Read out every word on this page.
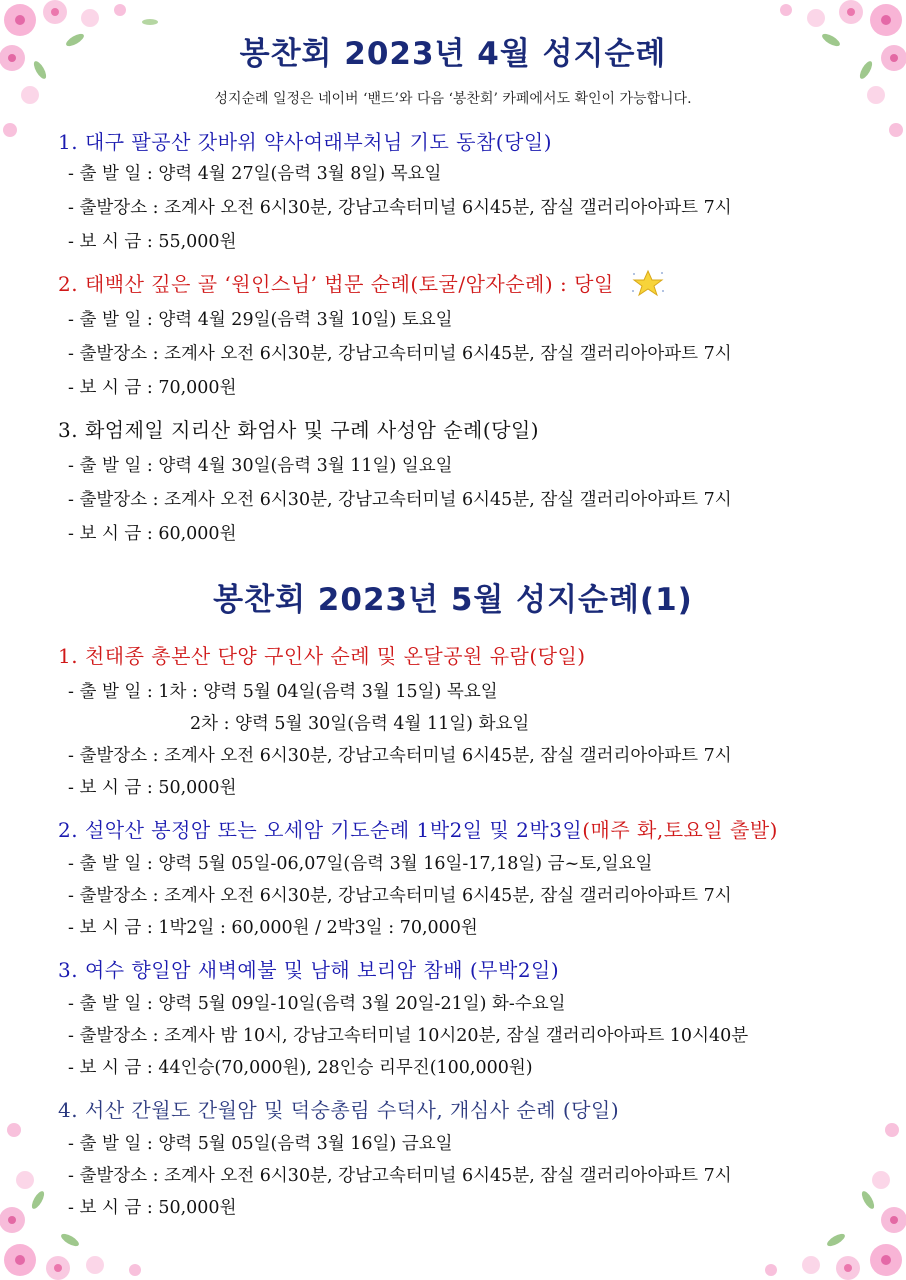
봉찬회 2023년 4월 성지순례
성지순례 일정은 네이버 ‘밴드’와 다음 ‘봉찬회’ 카페에서도 확인이 가능합니다.
1. 대구 팔공산 갓바위 약사여래부처님 기도 동참(당일)
- 출 발 일 : 양력 4월 27일(음력 3월 8일) 목요일
- 출발장소 : 조계사 오전 6시30분, 강남고속터미널 6시45분, 잠실 갤러리아아파트 7시
- 보 시 금 : 55,000원
2. 태백산 깊은 골 ‘원인스님’ 법문 순례(토굴/암자순례) : 당일
- 출 발 일 : 양력 4월 29일(음력 3월 10일) 토요일
- 출발장소 : 조계사 오전 6시30분, 강남고속터미널 6시45분, 잠실 갤러리아아파트 7시
- 보 시 금 : 70,000원
3. 화엄제일 지리산 화엄사 및 구례 사성암 순례(당일)
- 출 발 일 : 양력 4월 30일(음력 3월 11일) 일요일
- 출발장소 : 조계사 오전 6시30분, 강남고속터미널 6시45분, 잠실 갤러리아아파트 7시
- 보 시 금 : 60,000원
봉찬회 2023년 5월 성지순례(1)
1. 천태종 총본산 단양 구인사 순례 및 온달공원 유람(당일)
- 출 발 일 : 1차 : 양력 5월 04일(음력 3월 15일) 목요일
2차 : 양력 5월 30일(음력 4월 11일) 화요일
- 출발장소 : 조계사 오전 6시30분, 강남고속터미널 6시45분, 잠실 갤러리아아파트 7시
- 보 시 금 : 50,000원
2. 설악산 봉정암 또는 오세암 기도순례 1박2일 및 2박3일(매주 화,토요일 출발)
- 출 발 일 : 양력 5월 05일-06,07일(음력 3월 16일-17,18일) 금~토,일요일
- 출발장소 : 조계사 오전 6시30분, 강남고속터미널 6시45분, 잠실 갤러리아아파트 7시
- 보 시 금 : 1박2일 : 60,000원 / 2박3일 : 70,000원
3. 여수 향일암 새벽예불 및 남해 보리암 참배 (무박2일)
- 출 발 일 : 양력 5월 09일-10일(음력 3월 20일-21일) 화-수요일
- 출발장소 : 조계사 밤 10시, 강남고속터미널 10시20분, 잠실 갤러리아아파트 10시40분
- 보 시 금 : 44인승(70,000원), 28인승 리무진(100,000원)
4. 서산 간월도 간월암 및 덕숭총림 수덕사, 개심사 순례 (당일)
- 출 발 일 : 양력 5월 05일(음력 3월 16일) 금요일
- 출발장소 : 조계사 오전 6시30분, 강남고속터미널 6시45분, 잠실 갤러리아아파트 7시
- 보 시 금 : 50,000원
